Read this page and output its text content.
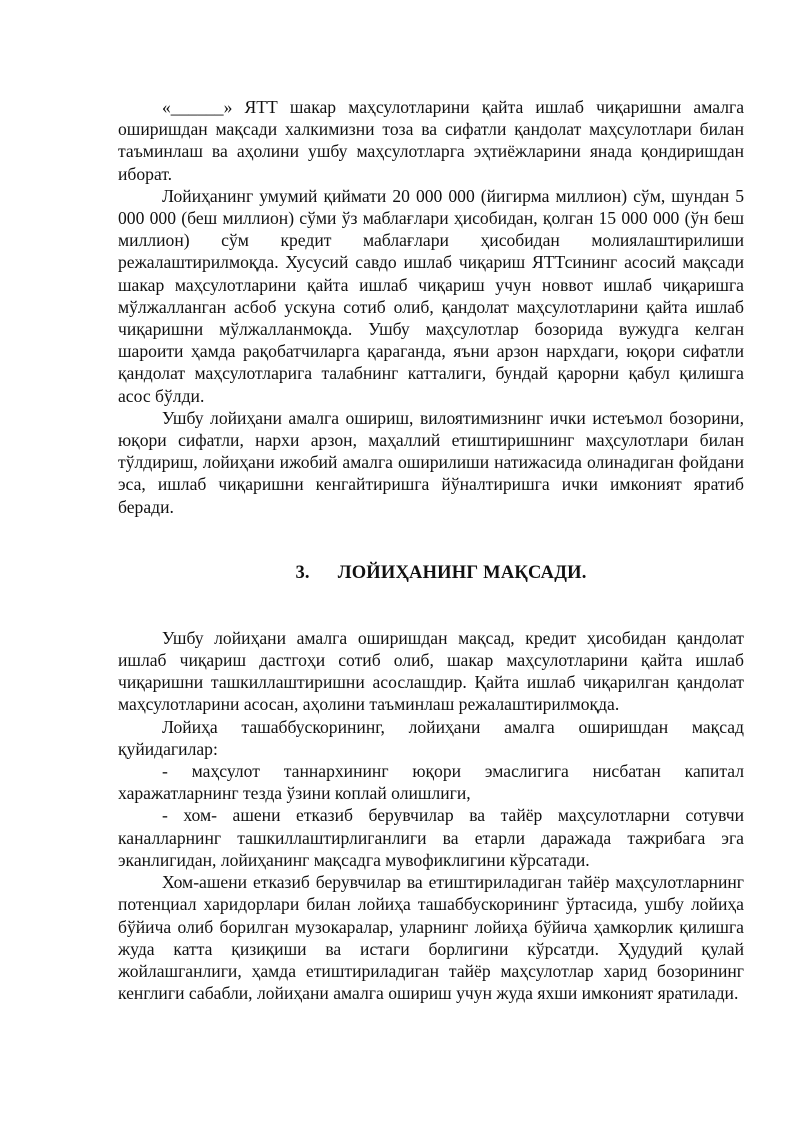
«______» ЯТТ шакар маҳсулотларини қайта ишлаб чиқаришни амалга оширишдан мақсади халкимизни тоза ва сифатли қандолат маҳсулотлари билан таъминлаш ва аҳолини ушбу маҳсулотларга эҳтиёжларини янада қондиришдан иборат.

Лойиҳанинг умумий қиймати 20 000 000 (йигирма миллион) сўм, шундан 5 000 000 (беш миллион) сўми ўз маблағлари ҳисобидан, қолган 15 000 000 (ўн беш миллион) сўм кредит маблағлари ҳисобидан молиялаштирилиши режалаштирилмоқда. Хусусий савдо ишлаб чиқариш ЯТТсининг асосий мақсади шакар маҳсулотларини қайта ишлаб чиқариш учун новвот ишлаб чиқаришга мўлжалланган асбоб ускуна сотиб олиб, қандолат маҳсулотларини қайта ишлаб чиқаришни мўлжалланмоқда. Ушбу маҳсулотлар бозорида вужудга келган шароити ҳамда рақобатчиларга қараганда, яъни арзон нархдаги, юқори сифатли қандолат маҳсулотларига талабнинг катталиги, бундай қарорни қабул қилишга асос бўлди.

Ушбу лойиҳани амалга ошириш, вилоятимизнинг ички истеъмол бозорини, юқори сифатли, нархи арзон, маҳаллий етиштиришнинг маҳсулотлари билан тўлдириш, лойиҳани ижобий амалга оширилиши натижасида олинадиган фойдани эса, ишлаб чиқаришни кенгайтиришга йўналтиришга ички имконият яратиб беради.

3. ЛОЙИҲАНИНГ МАҚСАДИ.

Ушбу лойиҳани амалга оширишдан мақсад, кредит ҳисобидан қандолат ишлаб чиқариш дастгоҳи сотиб олиб, шакар маҳсулотларини қайта ишлаб чиқаришни ташкиллаштиришни асослашдир. Қайта ишлаб чиқарилган қандолат маҳсулотларини асосан, аҳолини таъминлаш режалаштирилмоқда.

Лойиҳа ташаббускорининг, лойиҳани амалга оширишдан мақсад қуйидагилар:

- маҳсулот таннархининг юқори эмаслигига нисбатан капитал харажатларнинг тезда ўзини коплай олишлиги,

- хом- ашени етказиб берувчилар ва тайёр маҳсулотларни сотувчи каналларнинг ташкиллаштирлиганлиги ва етарли даражада тажрибага эга эканлигидан, лойиҳанинг мақсадга мувофиклигини кўрсатади.

Хом-ашени етказиб берувчилар ва етиштириладиган тайёр маҳсулотларнинг потенциал харидорлари билан лойиҳа ташаббускорининг ўртасида, ушбу лойиҳа бўйича олиб борилган музокаралар, уларнинг лойиҳа бўйича ҳамкорлик қилишга жуда катта қизиқиши ва истаги борлигини кўрсатди. Ҳудудий қулай жойлашганлиги, ҳамда етиштириладиган тайёр маҳсулотлар харид бозорининг кенглиги сабабли, лойиҳани амалга ошириш учун жуда яхши имконият яратилади.
